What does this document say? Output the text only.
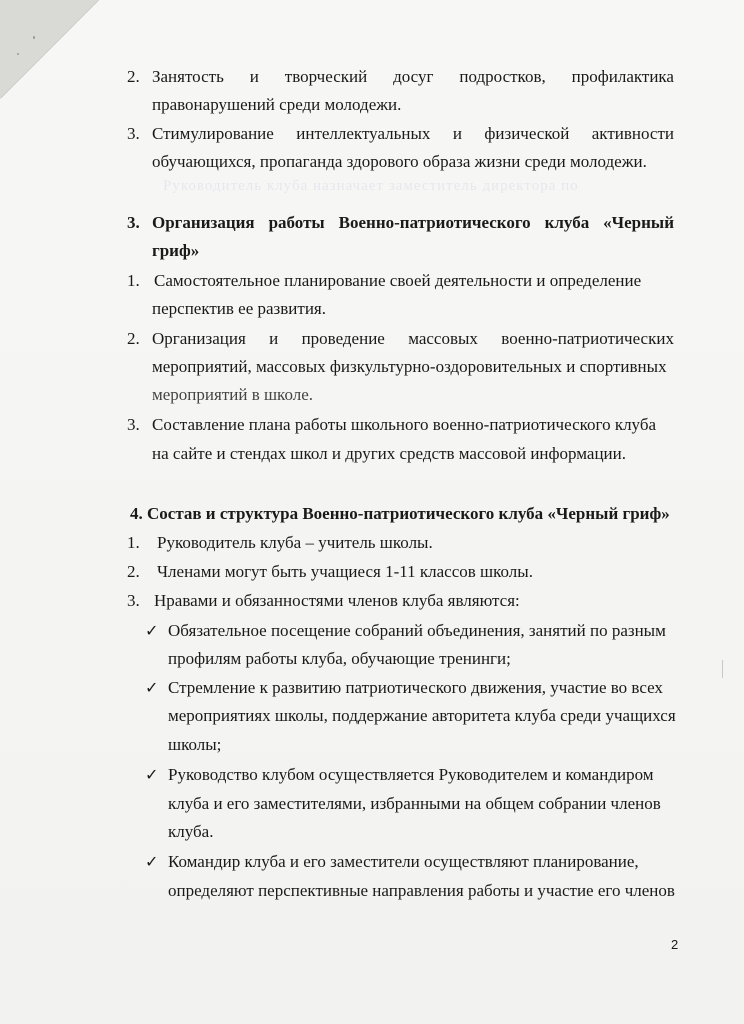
Руководитель клуба назначает заместитель директора по
2. Занятость и творческий досуг подростков, профилактика
правонарушений среди молодежи.
3. Стимулирование интеллектуальных и физической активности
обучающихся, пропаганда здорового образа жизни среди молодежи.
3. Организация работы Военно-патриотического клуба «Черный
гриф»
1. Самостоятельное планирование своей деятельности и определение
перспектив ее развития.
2. Организация и проведение массовых военно-патриотических
мероприятий, массовых физкультурно-оздоровительных и спортивных
мероприятий в школе.
3. Составление плана работы школьного военно-патриотического клуба
на сайте и стендах школ и других средств массовой информации.
4. Состав и структура Военно-патриотического клуба «Черный гриф»
1. Руководитель клуба – учитель школы.
2. Членами могут быть учащиеся 1-11 классов школы.
3. Нравами и обязанностями членов клуба являются:
✓ Обязательное посещение собраний объединения, занятий по разным
профилям работы клуба, обучающие тренинги;
✓ Стремление к развитию патриотического движения, участие во всех
мероприятиях школы, поддержание авторитета клуба среди учащихся
школы;
✓ Руководство клубом осуществляется Руководителем и командиром
клуба и его заместителями, избранными на общем собрании членов
клуба.
✓ Командир клуба и его заместители осуществляют планирование,
определяют перспективные направления работы и участие его членов
2
